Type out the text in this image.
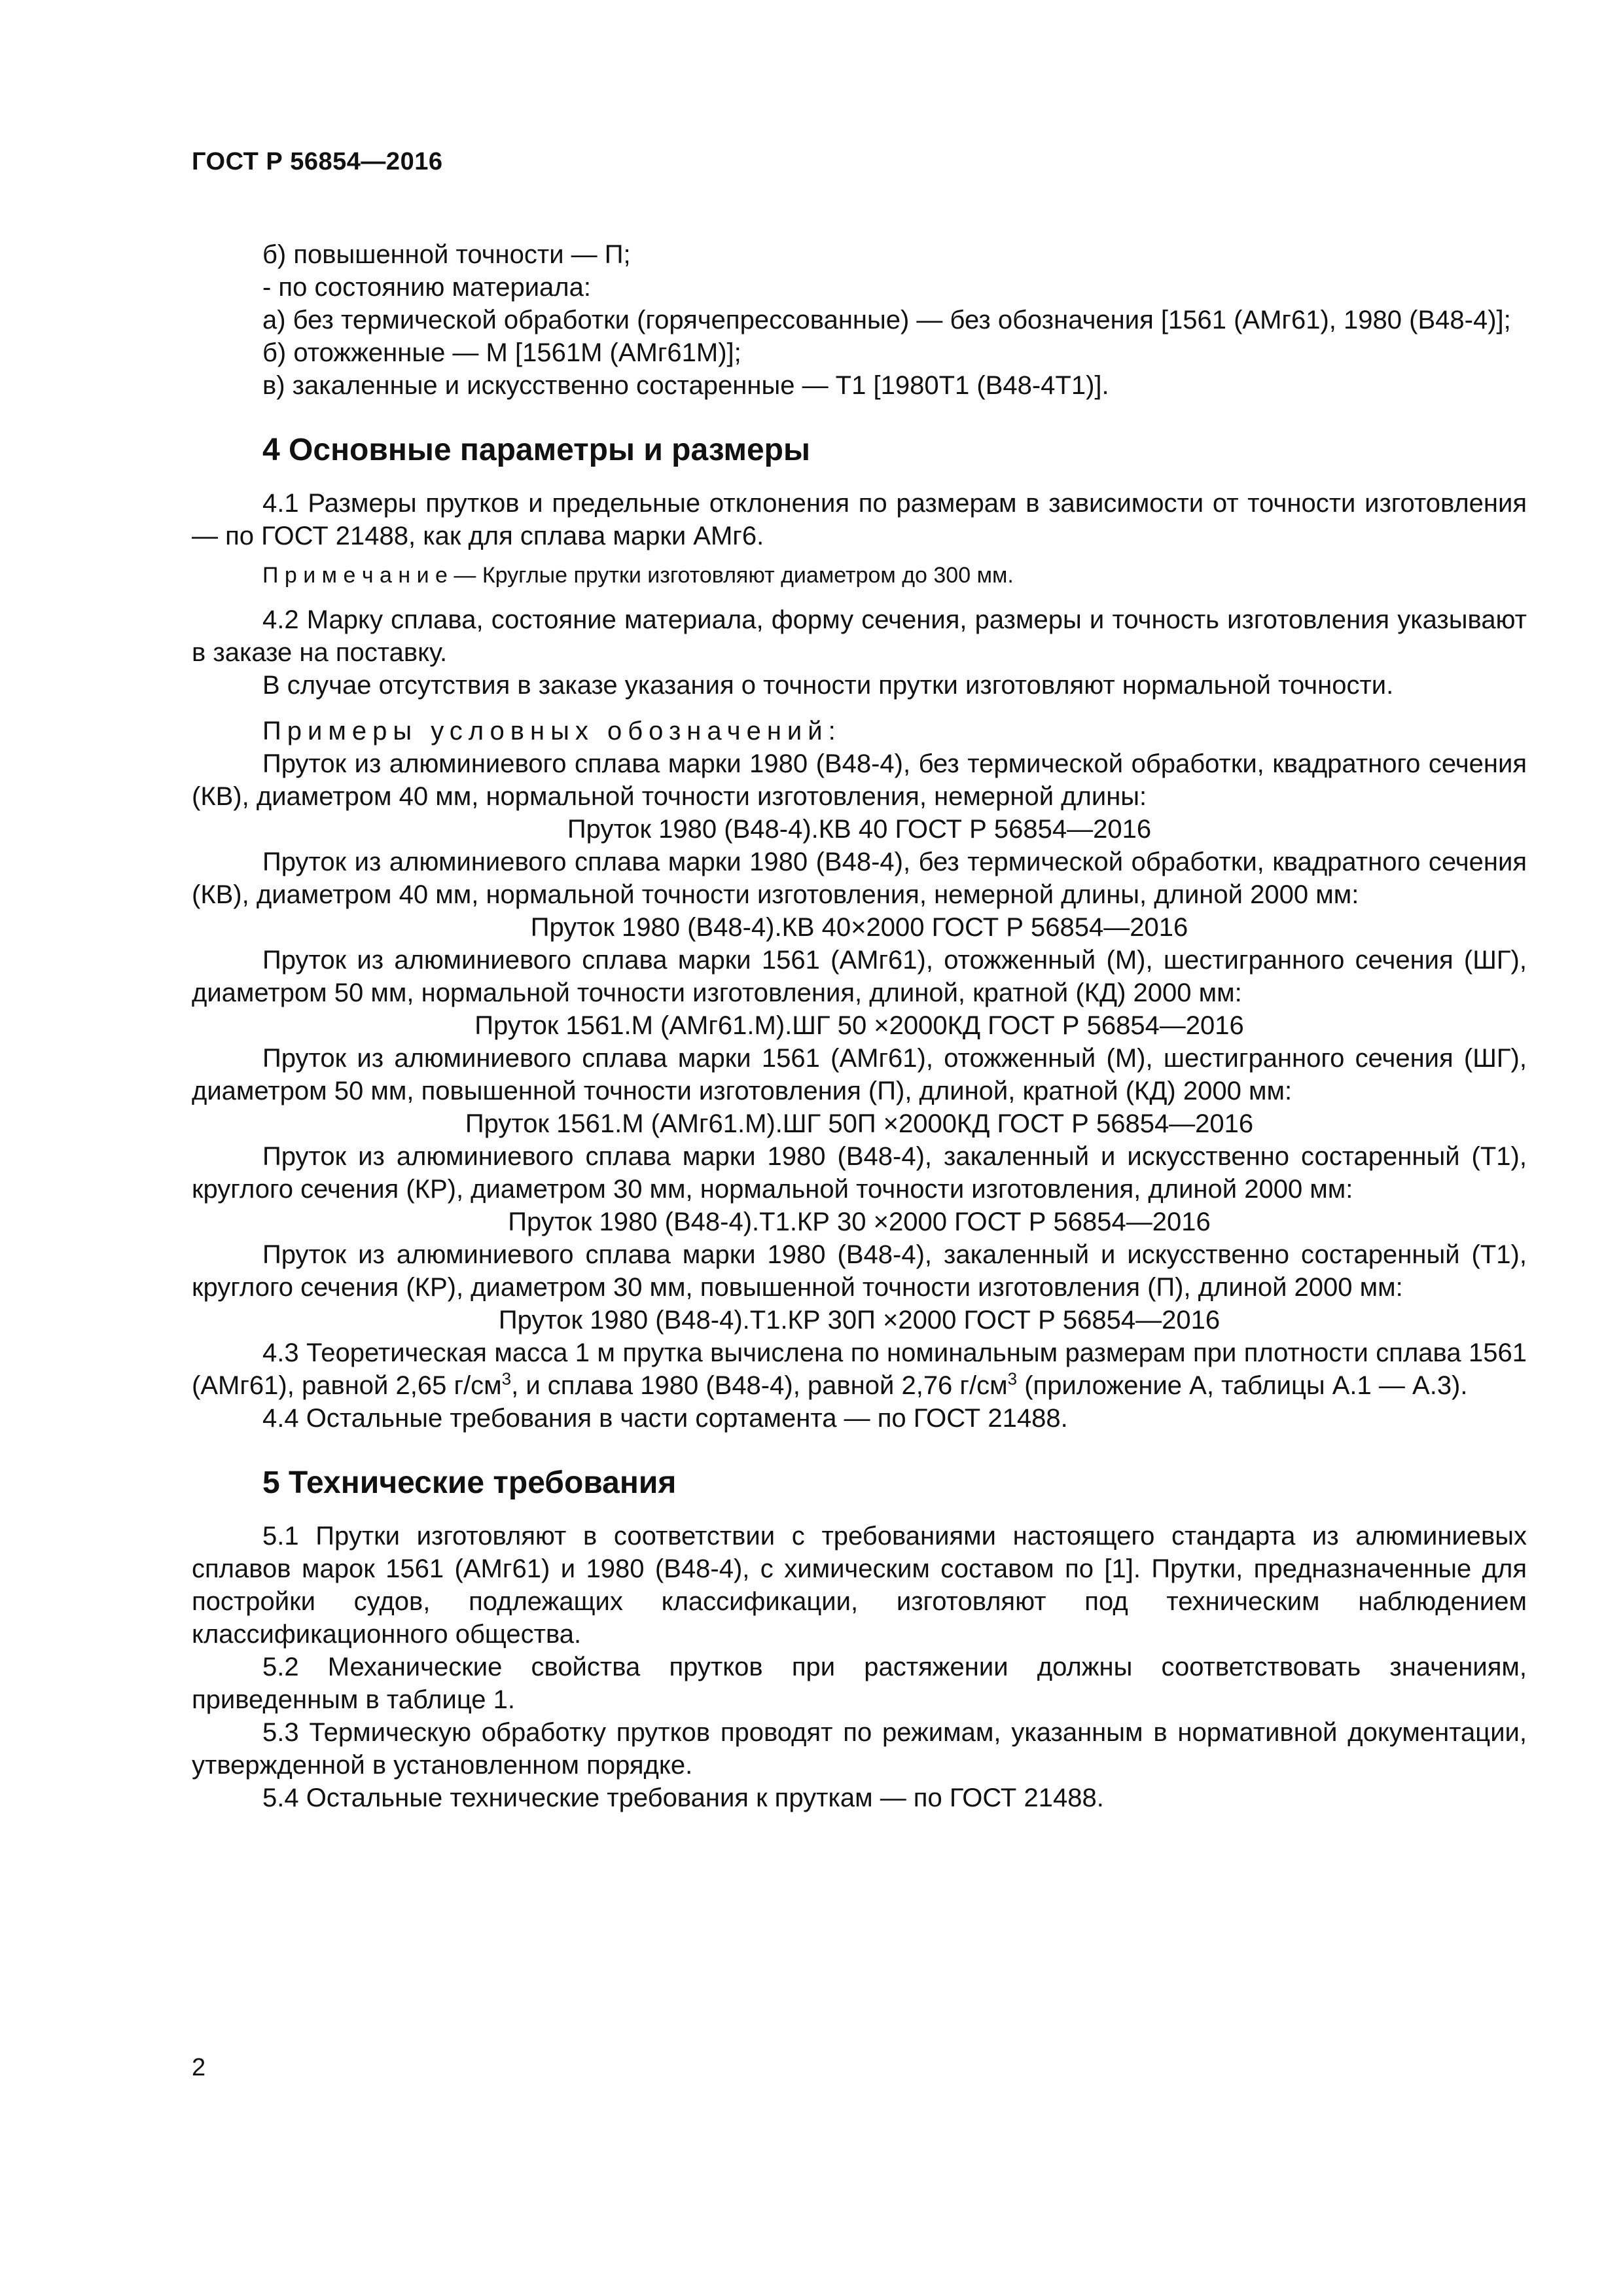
ГОСТ Р 56854—2016

б) повышенной точности — П;

- по состоянию материала:

а) без термической обработки (горячепрессованные) — без обозначения [1561 (АМг61), 1980 (В48-4)];

б) отожженные — М [1561М (АМг61М)];

в) закаленные и искусственно состаренные — Т1 [1980Т1 (В48-4Т1)].

4 Основные параметры и размеры

4.1 Размеры прутков и предельные отклонения по размерам в зависимости от точности изготовления — по ГОСТ 21488, как для сплава марки АМг6.

П р и м е ч а н и е — Круглые прутки изготовляют диаметром до 300 мм.

4.2 Марку сплава, состояние материала, форму сечения, размеры и точность изготовления указывают в заказе на поставку.

В случае отсутствия в заказе указания о точности прутки изготовляют нормальной точности.

Примеры условных обозначений:

Пруток из алюминиевого сплава марки 1980 (В48-4), без термической обработки, квадратного сечения (КВ), диаметром 40 мм, нормальной точности изготовления, немерной длины:

Пруток 1980 (В48-4).КВ 40 ГОСТ Р 56854—2016

Пруток из алюминиевого сплава марки 1980 (В48-4), без термической обработки, квадратного сечения (КВ), диаметром 40 мм, нормальной точности изготовления, немерной длины, длиной 2000 мм:

Пруток 1980 (В48-4).КВ 40×2000 ГОСТ Р 56854—2016

Пруток из алюминиевого сплава марки 1561 (АМг61), отожженный (М), шестигранного сечения (ШГ), диаметром 50 мм, нормальной точности изготовления, длиной, кратной (КД) 2000 мм:

Пруток 1561.М (АМг61.М).ШГ 50 ×2000КД ГОСТ Р 56854—2016

Пруток из алюминиевого сплава марки 1561 (АМг61), отожженный (М), шестигранного сечения (ШГ), диаметром 50 мм, повышенной точности изготовления (П), длиной, кратной (КД) 2000 мм:

Пруток 1561.М (АМг61.М).ШГ 50П ×2000КД ГОСТ Р 56854—2016

Пруток из алюминиевого сплава марки 1980 (В48-4), закаленный и искусственно состаренный (Т1), круглого сечения (КР), диаметром 30 мм, нормальной точности изготовления, длиной 2000 мм:

Пруток 1980 (В48-4).Т1.КР 30 ×2000 ГОСТ Р 56854—2016

Пруток из алюминиевого сплава марки 1980 (В48-4), закаленный и искусственно состаренный (Т1), круглого сечения (КР), диаметром 30 мм, повышенной точности изготовления (П), длиной 2000 мм:

Пруток 1980 (В48-4).Т1.КР 30П ×2000 ГОСТ Р 56854—2016

4.3 Теоретическая масса 1 м прутка вычислена по номинальным размерам при плотности сплава 1561 (АМг61), равной 2,65 $г/см^3$, и сплава 1980 (В48-4), равной 2,76 $г/см^3$ (приложение А, таблицы А.1 — А.3).

4.4 Остальные требования в части сортамента — по ГОСТ 21488.

5 Технические требования

5.1 Прутки изготовляют в соответствии с требованиями настоящего стандарта из алюминиевых сплавов марок 1561 (АМг61) и 1980 (В48-4), с химическим составом по [1]. Прутки, предназначенные для постройки судов, подлежащих классификации, изготовляют под техническим наблюдением классификационного общества.

5.2 Механические свойства прутков при растяжении должны соответствовать значениям, приведенным в таблице 1.

5.3 Термическую обработку прутков проводят по режимам, указанным в нормативной документации, утвержденной в установленном порядке.

5.4 Остальные технические требования к пруткам — по ГОСТ 21488.

2
